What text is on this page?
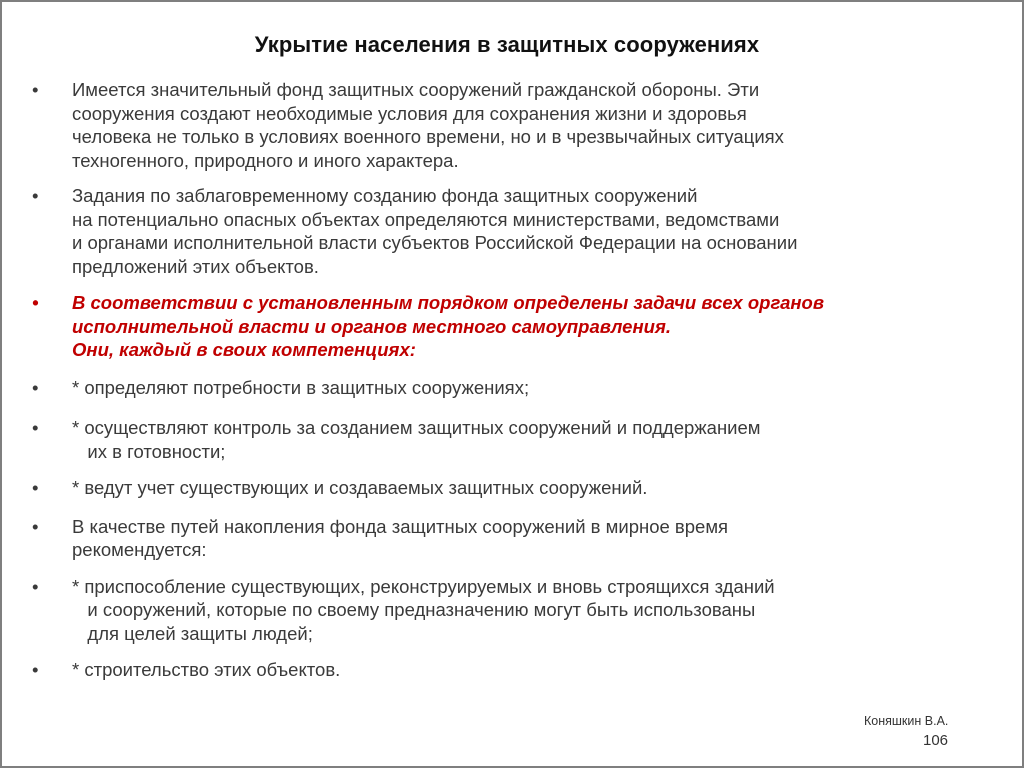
Укрытие населения в защитных сооружениях
• Имеется значительный фонд защитных сооружений гражданской обороны. Эти
сооружения создают необходимые условия для сохранения жизни и здоровья
человека не только в условиях военного времени, но и в чрезвычайных ситуациях
техногенного, природного и иного характера.
• Задания по заблаговременному созданию фонда защитных сооружений
на потенциально опасных объектах определяются министерствами, ведомствами
и органами исполнительной власти субъектов Российской Федерации на основании
предложений этих объектов.
• В соответствии с установленным порядком определены задачи всех органов
исполнительной власти и органов местного самоуправления.
Они, каждый в своих компетенциях:
• * определяют потребности в защитных сооружениях;
• * осуществляют контроль за созданием защитных сооружений и поддержанием
их в готовности;
• * ведут учет существующих и создаваемых защитных сооружений.
• В качестве путей накопления фонда защитных сооружений в мирное время
рекомендуется:
• * приспособление существующих, реконструируемых и вновь строящихся зданий
и сооружений, которые по своему предназначению могут быть использованы
для целей защиты людей;
• * строительство этих объектов.
Коняшкин В.А.
106
